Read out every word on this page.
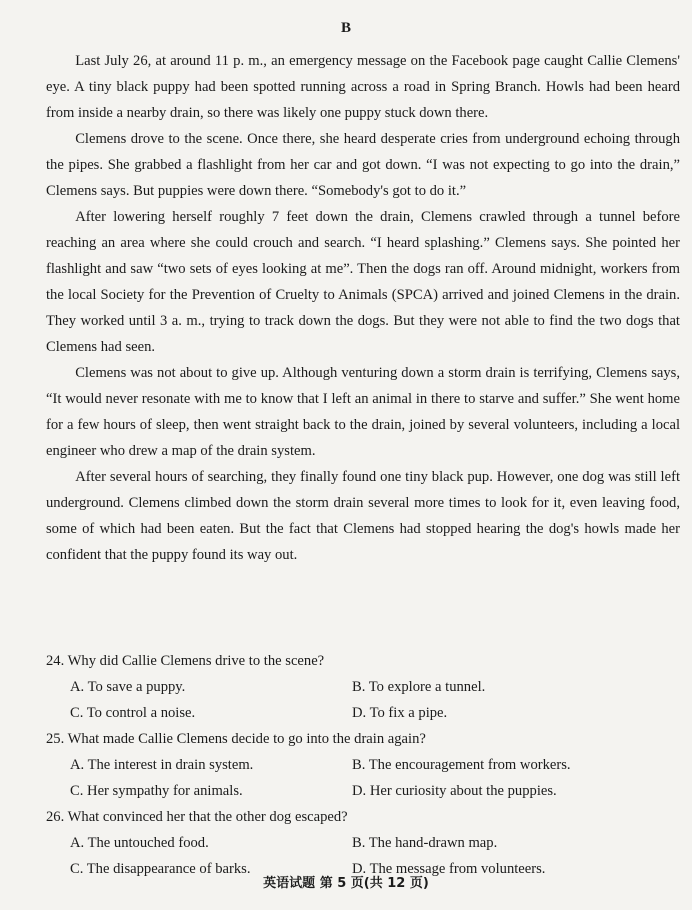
B

Last July 26, at around 11 p. m., an emergency message on the Facebook page caught Callie Clemens' eye. A tiny black puppy had been spotted running across a road in Spring Branch. Howls had been heard from inside a nearby drain, so there was likely one puppy stuck down there.

Clemens drove to the scene. Once there, she heard desperate cries from underground echoing through the pipes. She grabbed a flashlight from her car and got down. “I was not expecting to go into the drain,” Clemens says. But puppies were down there. “Somebody's got to do it.”

After lowering herself roughly 7 feet down the drain, Clemens crawled through a tunnel before reaching an area where she could crouch and search. “I heard splashing.” Clemens says. She pointed her flashlight and saw “two sets of eyes looking at me”. Then the dogs ran off. Around midnight, workers from the local Society for the Prevention of Cruelty to Animals (SPCA) arrived and joined Clemens in the drain. They worked until 3 a. m., trying to track down the dogs. But they were not able to find the two dogs that Clemens had seen.

Clemens was not about to give up. Although venturing down a storm drain is terrifying, Clemens says, “It would never resonate with me to know that I left an animal in there to starve and suffer.” She went home for a few hours of sleep, then went straight back to the drain, joined by several volunteers, including a local engineer who drew a map of the drain system.

After several hours of searching, they finally found one tiny black pup. However, one dog was still left underground. Clemens climbed down the storm drain several more times to look for it, even leaving food, some of which had been eaten. But the fact that Clemens had stopped hearing the dog's howls made her confident that the puppy found its way out.

24. Why did Callie Clemens drive to the scene?

A. To save a puppy.	B. To explore a tunnel.
C. To control a noise.	D. To fix a pipe.

25. What made Callie Clemens decide to go into the drain again?

A. The interest in drain system.	B. The encouragement from workers.
C. Her sympathy for animals.	D. Her curiosity about the puppies.

26. What convinced her that the other dog escaped?

A. The untouched food.	B. The hand-drawn map.
C. The disappearance of barks.	D. The message from volunteers.
英语试题 第 5 页(共 12 页)
